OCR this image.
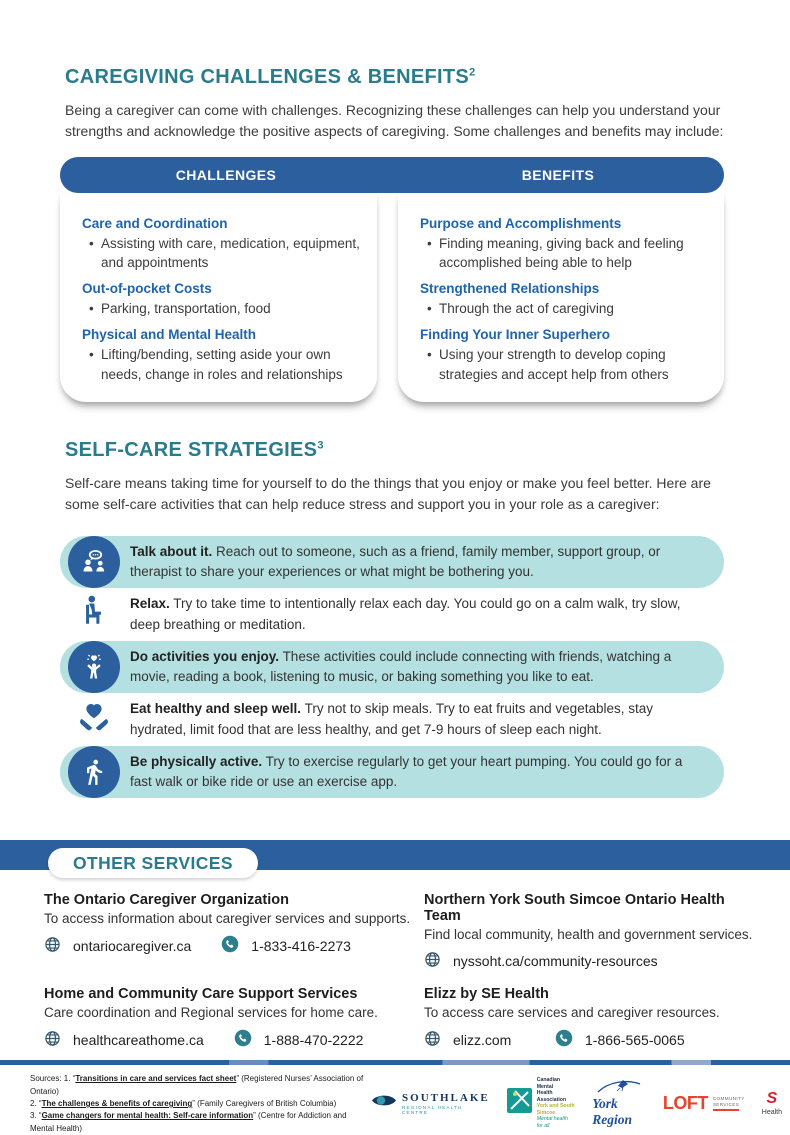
CAREGIVING CHALLENGES & BENEFITS$^2$

Being a caregiver can come with challenges. Recognizing these challenges can help you understand your strengths and acknowledge the positive aspects of caregiving. Some challenges and benefits may include:

CHALLENGES	BENEFITS
Care and Coordination
• Assisting with care, medication, equipment, and appointments
Out-of-pocket Costs
• Parking, transportation, food
Physical and Mental Health
• Lifting/bending, setting aside your own needs, change in roles and relationships
Purpose and Accomplishments
• Finding meaning, giving back and feeling accomplished being able to help
Strengthened Relationships
• Through the act of caregiving
Finding Your Inner Superhero
• Using your strength to develop coping strategies and accept help from others
SELF-CARE STRATEGIES$^3$

Self-care means taking time for yourself to do the things that you enjoy or make you feel better. Here are some self-care activities that can help reduce stress and support you in your role as a caregiver:

Talk about it. Reach out to someone, such as a friend, family member, support group, or therapist to share your experiences or what might be bothering you.
Relax. Try to take time to intentionally relax each day. You could go on a calm walk, try slow, deep breathing or meditation.
Do activities you enjoy. These activities could include connecting with friends, watching a movie, reading a book, listening to music, or baking something you like to eat.
Eat healthy and sleep well. Try not to skip meals. Try to eat fruits and vegetables, stay hydrated, limit food that are less healthy, and get 7-9 hours of sleep each night.
Be physically active. Try to exercise regularly to get your heart pumping. You could go for a fast walk or bike ride or use an exercise app.
OTHER SERVICES
The Ontario Caregiver Organization
To access information about caregiver services and supports.
ontariocaregiver.ca	1-833-416-2273
Northern York South Simcoe Ontario Health Team
Find local community, health and government services.
nyssoht.ca/community-resources
Home and Community Care Support Services
Care coordination and Regional services for home care.
healthcareathome.ca	1-888-470-2222
Elizz by SE Health
To access care services and caregiver resources.
elizz.com	1-866-565-0065
Sources: 1. “Transitions in care and services fact sheet” (Registered Nurses’ Association of Ontario)
2. “The challenges & benefits of caregiving” (Family Caregivers of British Columbia)
3. “Game changers for mental health: Self-care information” (Centre for Addiction and Mental Health)
SOUTHLAKE
REGIONAL HEALTH CENTRE
Canadian Mental
Health Association
York and South Simcoe
Mental health for all
York Region
LOFT COMMUNITY
SERVICES	S
Health
